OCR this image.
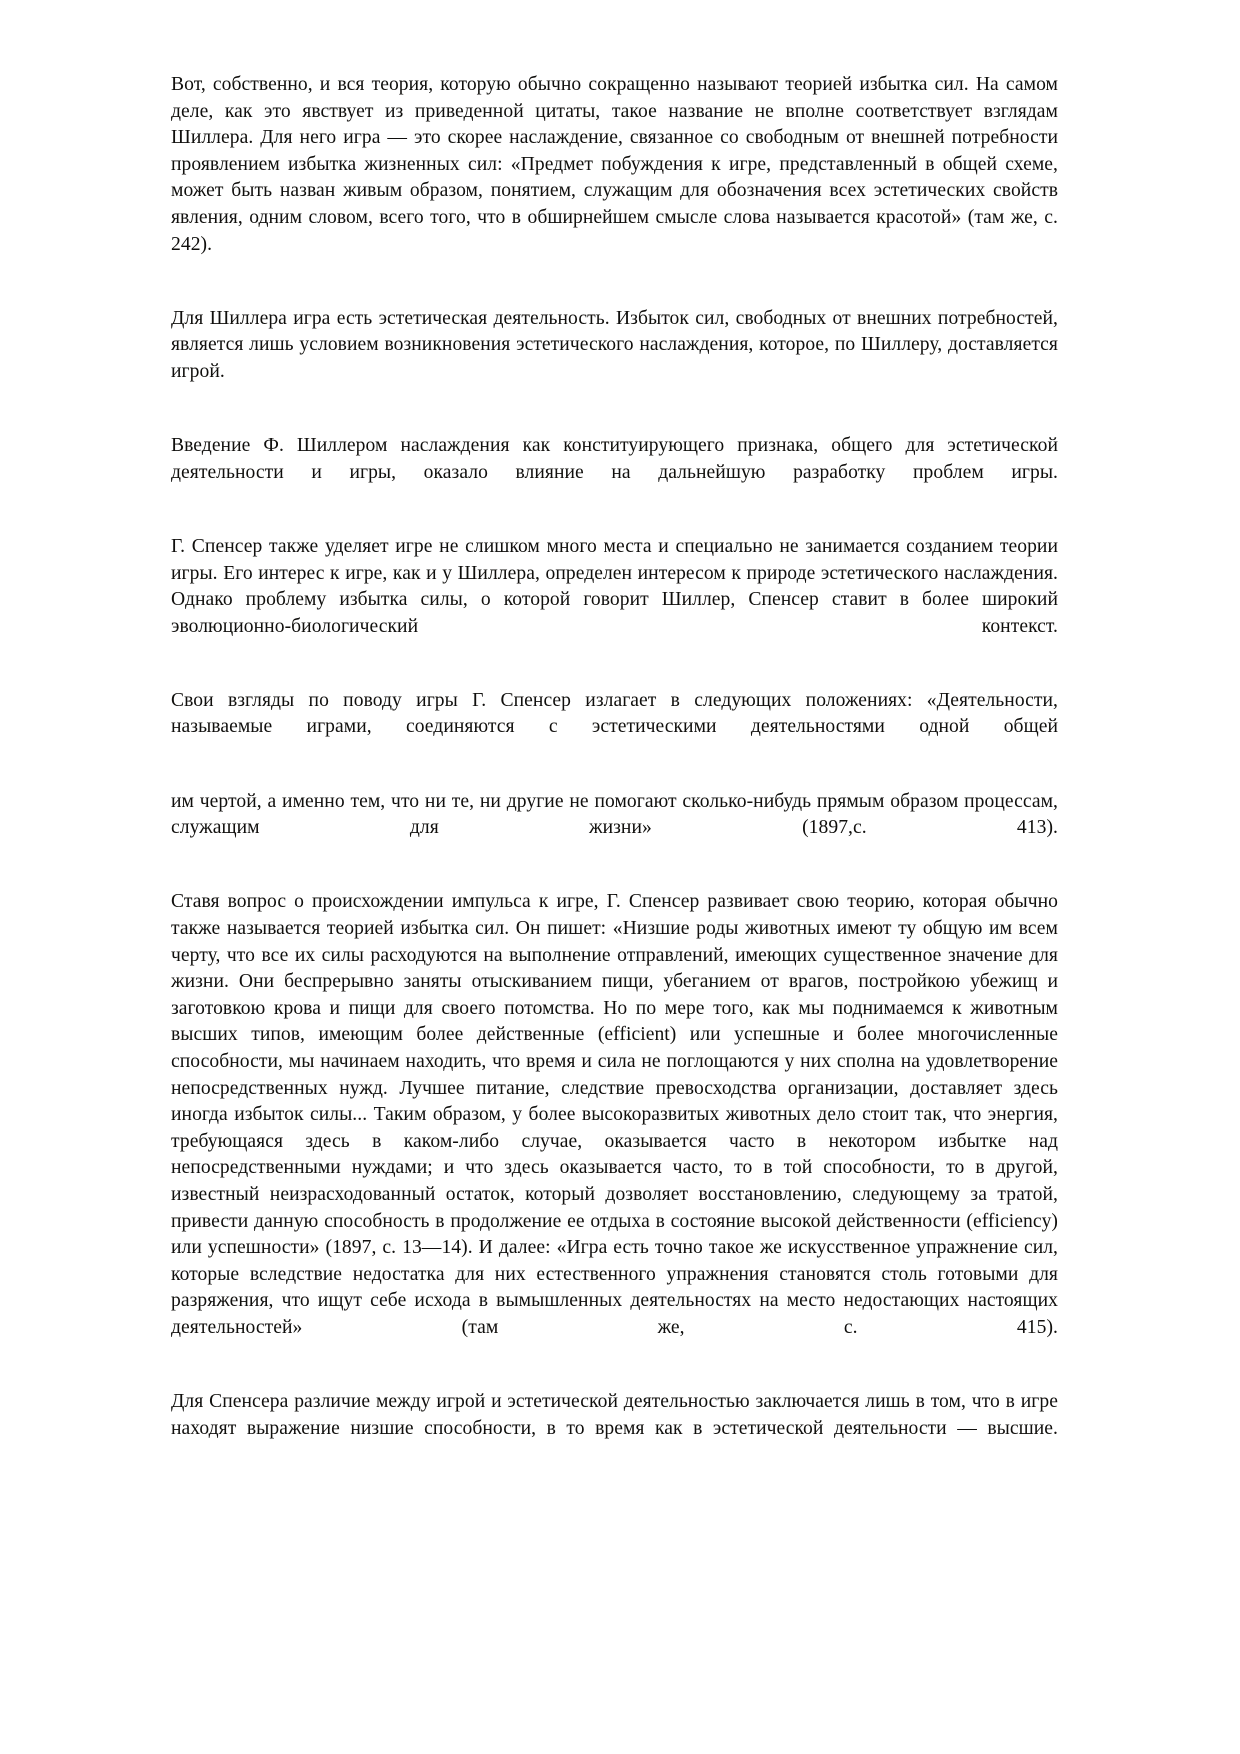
Вот, собственно, и вся теория, которую обычно сокращенно называют теорией избытка сил. На самом деле, как это явствует из приведенной цитаты, такое название не вполне соответствует взглядам Шиллера. Для него игра — это скорее наслаждение, связанное со свободным от внешней потребности проявлением избытка жизненных сил: «Предмет побуждения к игре, представленный в общей схеме, может быть назван живым образом, понятием, служащим для обозначения всех эстетических свойств явления, одним словом, всего того, что в обширнейшем смысле слова называется красотой» (там же, с. 242).

Для Шиллера игра есть эстетическая деятельность. Избыток сил, свободных от внешних потребностей, является лишь условием возникновения эстетического наслаждения, которое, по Шиллеру, доставляется игрой.

Введение Ф. Шиллером наслаждения как конституирующего признака, общего для эстетической деятельности и игры, оказало влияние на дальнейшую разработку проблем игры.

Г. Спенсер также уделяет игре не слишком много места и специально не занимается созданием теории игры. Его интерес к игре, как и у Шиллера, определен интересом к природе эстетического наслаждения. Однако проблему избытка силы, о которой говорит Шиллер, Спенсер ставит в более широкий эволюционно-биологический контекст.

Свои взгляды по поводу игры Г. Спенсер излагает в следующих положениях: «Деятельности, называемые играми, соединяются с эстетическими деятельностями одной общей

им чертой, а именно тем, что ни те, ни другие не помогают сколько-нибудь прямым образом процессам, служащим для жизни» (1897,с. 413).

Ставя вопрос о происхождении импульса к игре, Г. Спенсер развивает свою теорию, которая обычно также называется теорией избытка сил. Он пишет: «Низшие роды животных имеют ту общую им всем черту, что все их силы расходуются на выполнение отправлений, имеющих существенное значение для жизни. Они беспрерывно заняты отыскиванием пищи, убеганием от врагов, постройкою убежищ и заготовкою крова и пищи для своего потомства. Но по мере того, как мы поднимаемся к животным высших типов, имеющим более действенные (efficient) или успешные и более многочисленные способности, мы начинаем находить, что время и сила не поглощаются у них сполна на удовлетворение непосредственных нужд. Лучшее питание, следствие превосходства организации, доставляет здесь иногда избыток силы... Таким образом, у более высокоразвитых животных дело стоит так, что энергия, требующаяся здесь в каком-либо случае, оказывается часто в некотором избытке над непосредственными нуждами; и что здесь оказывается часто, то в той способности, то в другой, известный неизрасходованный остаток, который дозволяет восстановлению, следующему за тратой, привести данную способность в продолжение ее отдыха в состояние высокой действенности (efficiency) или успешности» (1897, с. 13—14). И далее: «Игра есть точно такое же искусственное упражнение сил, которые вследствие недостатка для них естественного упражнения становятся столь готовыми для разряжения, что ищут себе исхода в вымышленных деятельностях на место недостающих настоящих деятельностей» (там же, с. 415).

Для Спенсера различие между игрой и эстетической деятельностью заключается лишь в том, что в игре находят выражение низшие способности, в то время как в эстетической деятельности — высшие.
